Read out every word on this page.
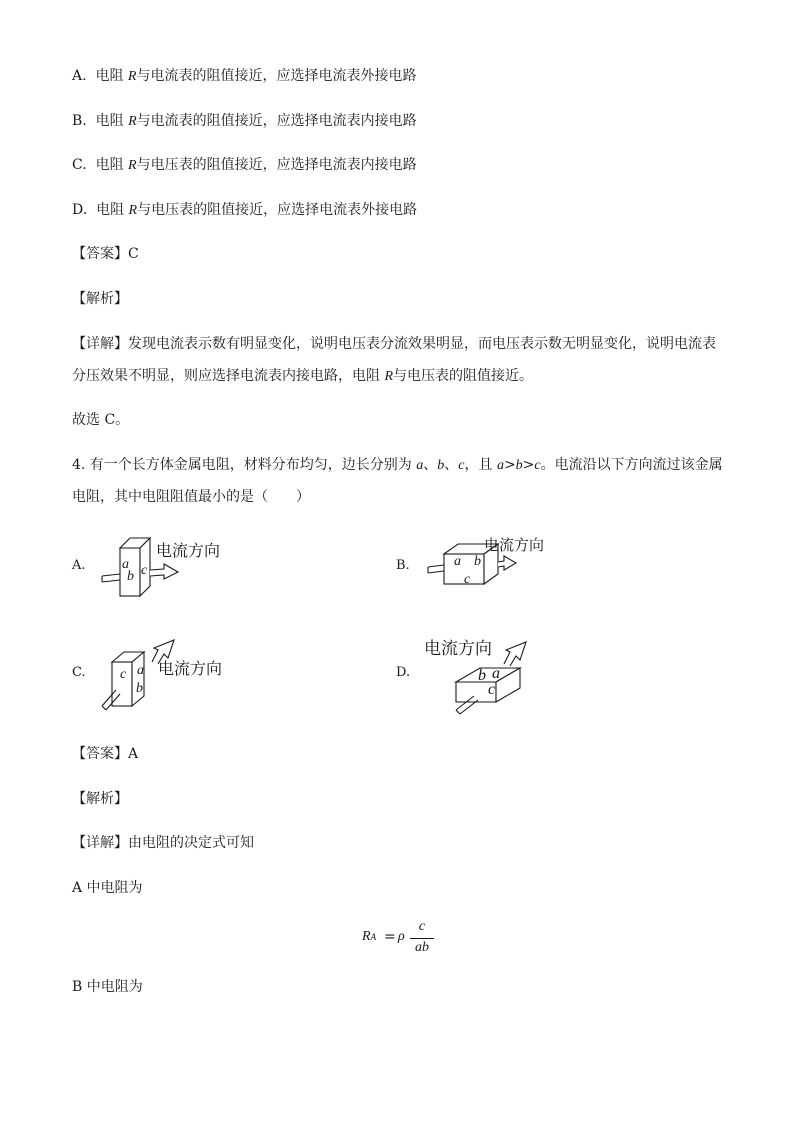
A. 电阻 R与电流表的阻值接近，应选择电流表外接电路
B. 电阻 R与电流表的阻值接近，应选择电流表内接电路
C. 电阻 R与电压表的阻值接近，应选择电流表内接电路
D. 电阻 R与电压表的阻值接近，应选择电流表外接电路
【答案】C
【解析】
【详解】发现电流表示数有明显变化，说明电压表分流效果明显，而电压表示数无明显变化，说明电流表
分压效果不明显，则应选择电流表内接电路，电阻 R与电压表的阻值接近。
故选 C。
4. 有一个长方体金属电阻，材料分布均匀，边长分别为 a、b、c，且 a>b>c。电流沿以下方向流过该金属
电阻，其中电阻阻值最小的是（　　）
A.	B.
C.	D.
电流方向
a
b c
电流方向
a b
c
电流方向
c a
b
电流方向
b a
c
【答案】A
【解析】
【详解】由电阻的决定式可知
A 中电阻为
RA = ρ
c
ab
B 中电阻为
